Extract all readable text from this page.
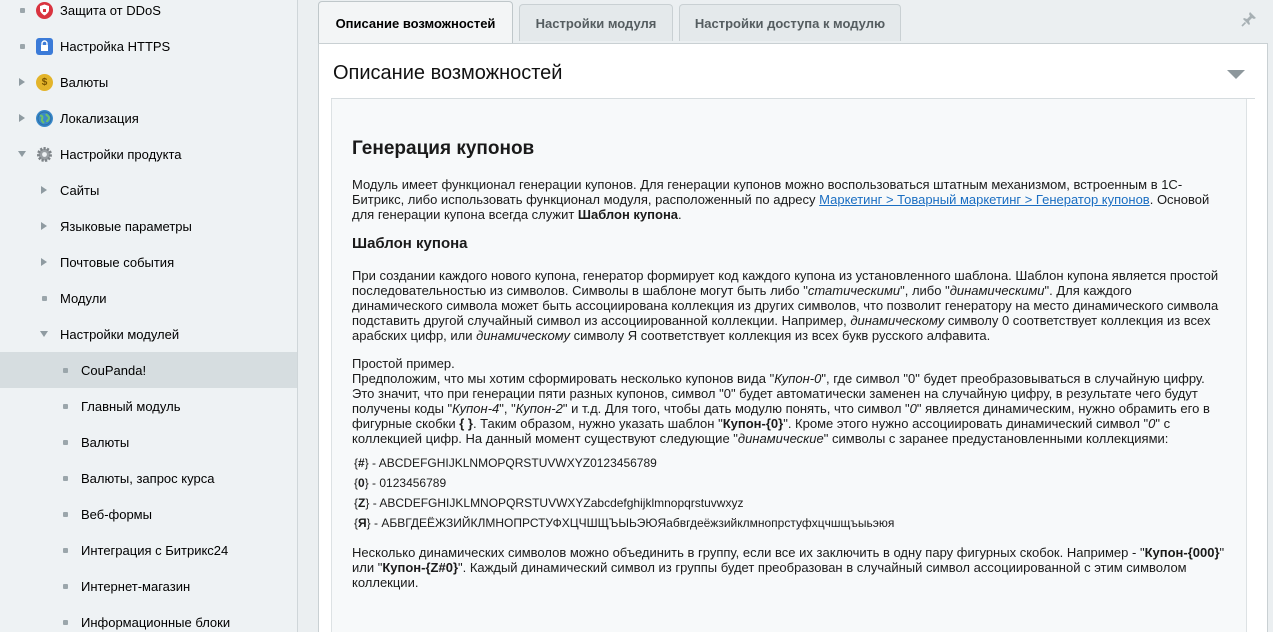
Защита от DDoS
Настройка HTTPS
$ Валюты
Локализация
Настройки продукта
Сайты
Языковые параметры
Почтовые события
Модули
Настройки модулей
CouPanda!
Главный модуль
Валюты
Валюты, запрос курса
Веб-формы
Интеграция с Битрикс24
Интернет-магазин
Информационные блоки
Описание возможностей	Настройки модуля	Настройки доступа к модулю
Описание возможностей
Генерация купонов

Модуль имеет функционал генерации купонов. Для генерации купонов можно воспользоваться штатным механизмом, встроенным в 1С-Битрикс, либо использовать функционал модуля, расположенный по адресу Маркетинг > Товарный маркетинг > Генератор купонов. Основой для генерации купона всегда служит Шаблон купона.

Шаблон купона

При создании каждого нового купона, генератор формирует код каждого купона из установленного шаблона. Шаблон купона является простой последовательностью из символов. Символы в шаблоне могут быть либо "статическими", либо "динамическими". Для каждого динамического символа может быть ассоциирована коллекция из других символов, что позволит генератору на место динамического символа подставить другой случайный символ из ассоциированной коллекции. Например, динамическому символу 0 соответствует коллекция из всех арабских цифр, или динамическому символу Я соответствует коллекция из всех букв русского алфавита.

Простой пример.
Предположим, что мы хотим сформировать несколько купонов вида "Купон-0", где символ "0" будет преобразовываться в случайную цифру. Это значит, что при генерации пяти разных купонов, символ "0" будет автоматически заменен на случайную цифру, в результате чего будут получены коды "Купон-4", "Купон-2" и т.д. Для того, чтобы дать модулю понять, что символ "0" является динамическим, нужно обрамить его в фигурные скобки { }. Таким образом, нужно указать шаблон "Купон-{0}". Кроме этого нужно ассоциировать динамический символ "0" с коллекцией цифр. На данный момент существуют следующие "динамические" символы с заранее предустановленными коллекциями:

{#} - ABCDEFGHIJKLNMOPQRSTUVWXYZ0123456789
{0} - 0123456789
{Z} - ABCDEFGHIJKLMNOPQRSTUVWXYZabcdefghijklmnopqrstuvwxyz
{Я} - АБВГДЕЁЖЗИЙКЛМНОПРСТУФХЦЧШЩЪЫЬЭЮЯабвгдеёжзийклмнопрстуфхцчшщъыьэюя

Несколько динамических символов можно объединить в группу, если все их заключить в одну пару фигурных скобок. Например - "Купон-{000}" или "Купон-{Z#0}". Каждый динамический символ из группы будет преобразован в случайный символ ассоциированной с этим символом коллекции.
